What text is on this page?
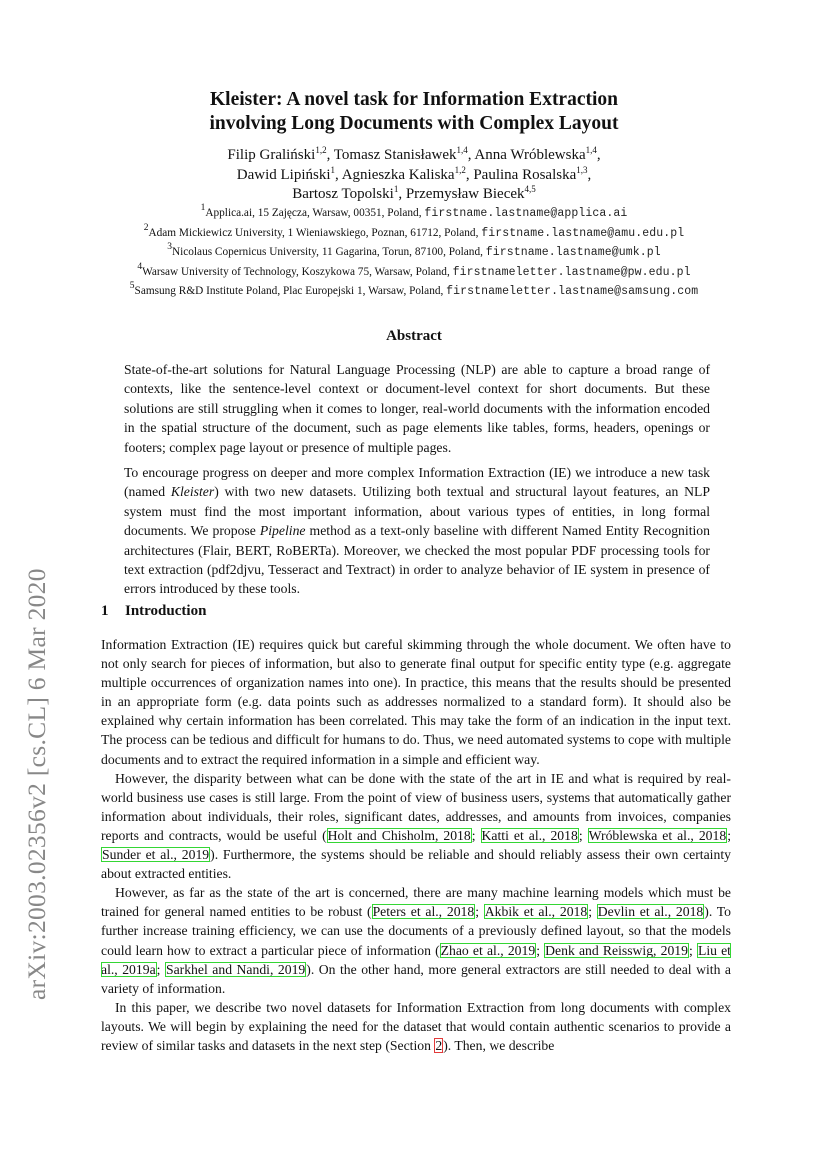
arXiv:2003.02356v2 [cs.CL] 6 Mar 2020
Kleister: A novel task for Information Extraction
involving Long Documents with Complex Layout
Filip Graliński$^{1,2}$, Tomasz Stanisławek$^{1,4}$, Anna Wróblewska$^{1,4}$,
Dawid Lipiński$^1$, Agnieszka Kaliska$^{1,2}$, Paulina Rosalska$^{1,3}$,
Bartosz Topolski$^1$, Przemysław Biecek$^{4,5}$
$^1$Applica.ai, 15 Zajęcza, Warsaw, 00351, Poland, firstname.lastname@applica.ai
$^2$Adam Mickiewicz University, 1 Wieniawskiego, Poznan, 61712, Poland, firstname.lastname@amu.edu.pl
$^3$Nicolaus Copernicus University, 11 Gagarina, Torun, 87100, Poland, firstname.lastname@umk.pl
$^4$Warsaw University of Technology, Koszykowa 75, Warsaw, Poland, firstnameletter.lastname@pw.edu.pl
$^5$Samsung R&D Institute Poland, Plac Europejski 1, Warsaw, Poland, firstnameletter.lastname@samsung.com
Abstract

State-of-the-art solutions for Natural Language Processing (NLP) are able to capture a broad range of contexts, like the sentence-level context or document-level context for short documents. But these solutions are still struggling when it comes to longer, real-world documents with the information encoded in the spatial structure of the document, such as page elements like tables, forms, headers, openings or footers; complex page layout or presence of multiple pages.

To encourage progress on deeper and more complex Information Extraction (IE) we introduce a new task (named Kleister) with two new datasets. Utilizing both textual and structural layout features, an NLP system must find the most important information, about various types of entities, in long formal documents. We propose Pipeline method as a text-only baseline with different Named Entity Recognition architectures (Flair, BERT, RoBERTa). Moreover, we checked the most popular PDF processing tools for text extraction (pdf2djvu, Tesseract and Textract) in order to analyze behavior of IE system in presence of errors introduced by these tools.

1 Introduction

Information Extraction (IE) requires quick but careful skimming through the whole document. We often have to not only search for pieces of information, but also to generate final output for specific entity type (e.g. aggregate multiple occurrences of organization names into one). In practice, this means that the results should be presented in an appropriate form (e.g. data points such as addresses normalized to a standard form). It should also be explained why certain information has been correlated. This may take the form of an indication in the input text. The process can be tedious and difficult for humans to do. Thus, we need automated systems to cope with multiple documents and to extract the required information in a simple and efficient way.

However, the disparity between what can be done with the state of the art in IE and what is required by real-world business use cases is still large. From the point of view of business users, systems that automatically gather information about individuals, their roles, significant dates, addresses, and amounts from invoices, companies reports and contracts, would be useful (Holt and Chisholm, 2018; Katti et al., 2018; Wróblewska et al., 2018; Sunder et al., 2019). Furthermore, the systems should be reliable and should reliably assess their own certainty about extracted entities.

However, as far as the state of the art is concerned, there are many machine learning models which must be trained for general named entities to be robust (Peters et al., 2018; Akbik et al., 2018; Devlin et al., 2018). To further increase training efficiency, we can use the documents of a previously defined layout, so that the models could learn how to extract a particular piece of information (Zhao et al., 2019; Denk and Reisswig, 2019; Liu et al., 2019a; Sarkhel and Nandi, 2019). On the other hand, more general extractors are still needed to deal with a variety of information.

In this paper, we describe two novel datasets for Information Extraction from long documents with complex layouts. We will begin by explaining the need for the dataset that would contain authentic scenarios to provide a review of similar tasks and datasets in the next step (Section 2). Then, we describe
